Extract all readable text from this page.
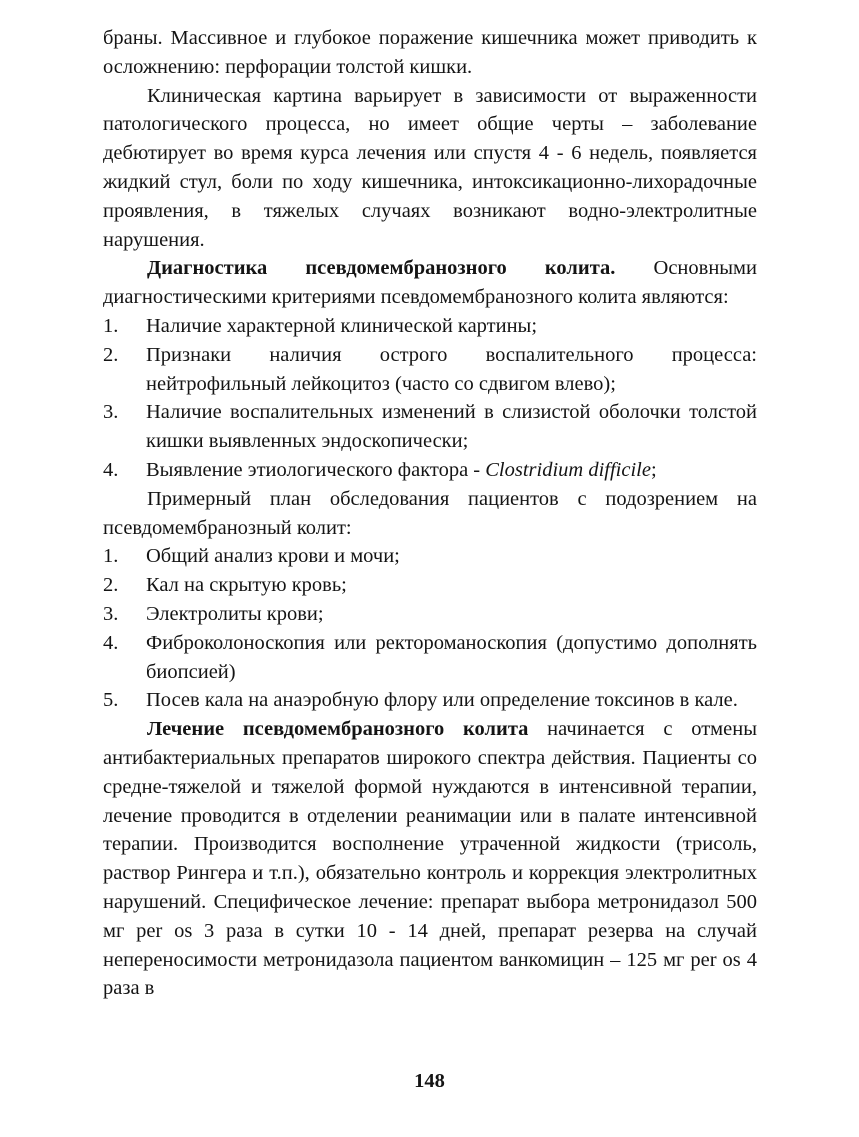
браны. Массивное и глубокое поражение кишечника может приводить к осложнению: перфорации толстой кишки.

Клиническая картина варьирует в зависимости от выраженности патологического процесса, но имеет общие черты – заболевание дебютирует во время курса лечения или спустя 4 - 6 недель, появляется жидкий стул, боли по ходу кишечника, интоксикационно-лихорадочные проявления, в тяжелых случаях возникают водно-электролитные нарушения.

Диагностика псевдомембранозного колита. Основными диагностическими критериями псевдомембранозного колита являются:

1.	Наличие характерной клинической картины;
2.	Признаки наличия острого воспалительного процесса: нейтрофильный лейкоцитоз (часто со сдвигом влево);
3.	Наличие воспалительных изменений в слизистой оболочки толстой кишки выявленных эндоскопически;
4.	Выявление этиологического фактора - Clostridium difficile;

Примерный план обследования пациентов с подозрением на псевдомембранозный колит:

1.	Общий анализ крови и мочи;
2.	Кал на скрытую кровь;
3.	Электролиты крови;
4.	Фиброколоноскопия или ректороманоскопия (допустимо дополнять биопсией)
5.	Посев кала на анаэробную флору или определение токсинов в кале.

Лечение псевдомембранозного колита начинается с отмены антибактериальных препаратов широкого спектра действия. Пациенты со средне-тяжелой и тяжелой формой нуждаются в интенсивной терапии, лечение проводится в отделении реанимации или в палате интенсивной терапии. Производится восполнение утраченной жидкости (трисоль, раствор Рингера и т.п.), обязательно контроль и коррекция электролитных нарушений. Специфическое лечение: препарат выбора метронидазол 500 мг per os 3 раза в сутки 10 - 14 дней, препарат резерва на случай непереносимости метронидазола пациентом ванкомицин – 125 мг per os 4 раза в

148
